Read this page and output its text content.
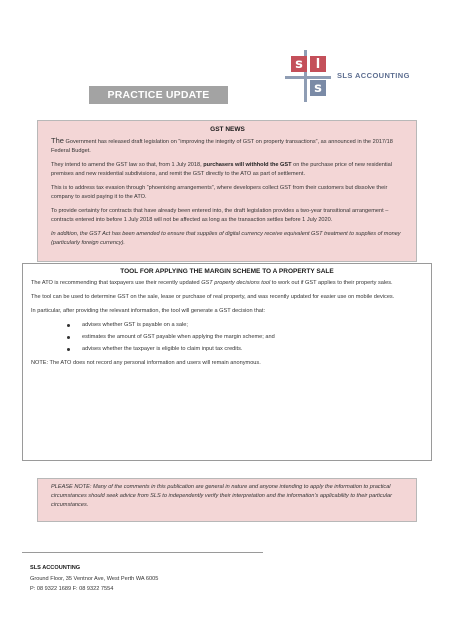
s l
s
SLS ACCOUNTING
PRACTICE UPDATE
GST NEWS

The Government has released draft legislation on “improving the integrity of GST on property transactions”, as announced in the 2017/18 Federal Budget.

They intend to amend the GST law so that, from 1 July 2018, purchasers will withhold the GST on the purchase price of new residential premises and new residential subdivisions, and remit the GST directly to the ATO as part of settlement.

This is to address tax evasion through “phoenixing arrangements”, where developers collect GST from their customers but dissolve their company to avoid paying it to the ATO.

To provide certainty for contracts that have already been entered into, the draft legislation provides a two-year transitional arrangement – contracts entered into before 1 July 2018 will not be affected as long as the transaction settles before 1 July 2020.

In addition, the GST Act has been amended to ensure that supplies of digital currency receive equivalent GST treatment to supplies of money (particularly foreign currency).

TOOL FOR APPLYING THE MARGIN SCHEME TO A PROPERTY SALE

The ATO is recommending that taxpayers use their recently updated GST property decisions tool to work out if GST applies to their property sales.

The tool can be used to determine GST on the sale, lease or purchase of real property, and was recently updated for easier use on mobile devices.

In particular, after providing the relevant information, the tool will generate a GST decision that:

advises whether GST is payable on a sale;
estimates the amount of GST payable when applying the margin scheme; and
advises whether the taxpayer is eligible to claim input tax credits.

NOTE: The ATO does not record any personal information and users will remain anonymous.

PLEASE NOTE: Many of the comments in this publication are general in nature and anyone intending to apply the information to practical circumstances should seek advice from SLS to independently verify their interpretation and the information’s applicability to their particular circumstances.

SLS ACCOUNTING
Ground Floor, 35 Ventnor Ave, West Perth WA 6005
P: 08 9322 1689 F: 08 9322 7554
